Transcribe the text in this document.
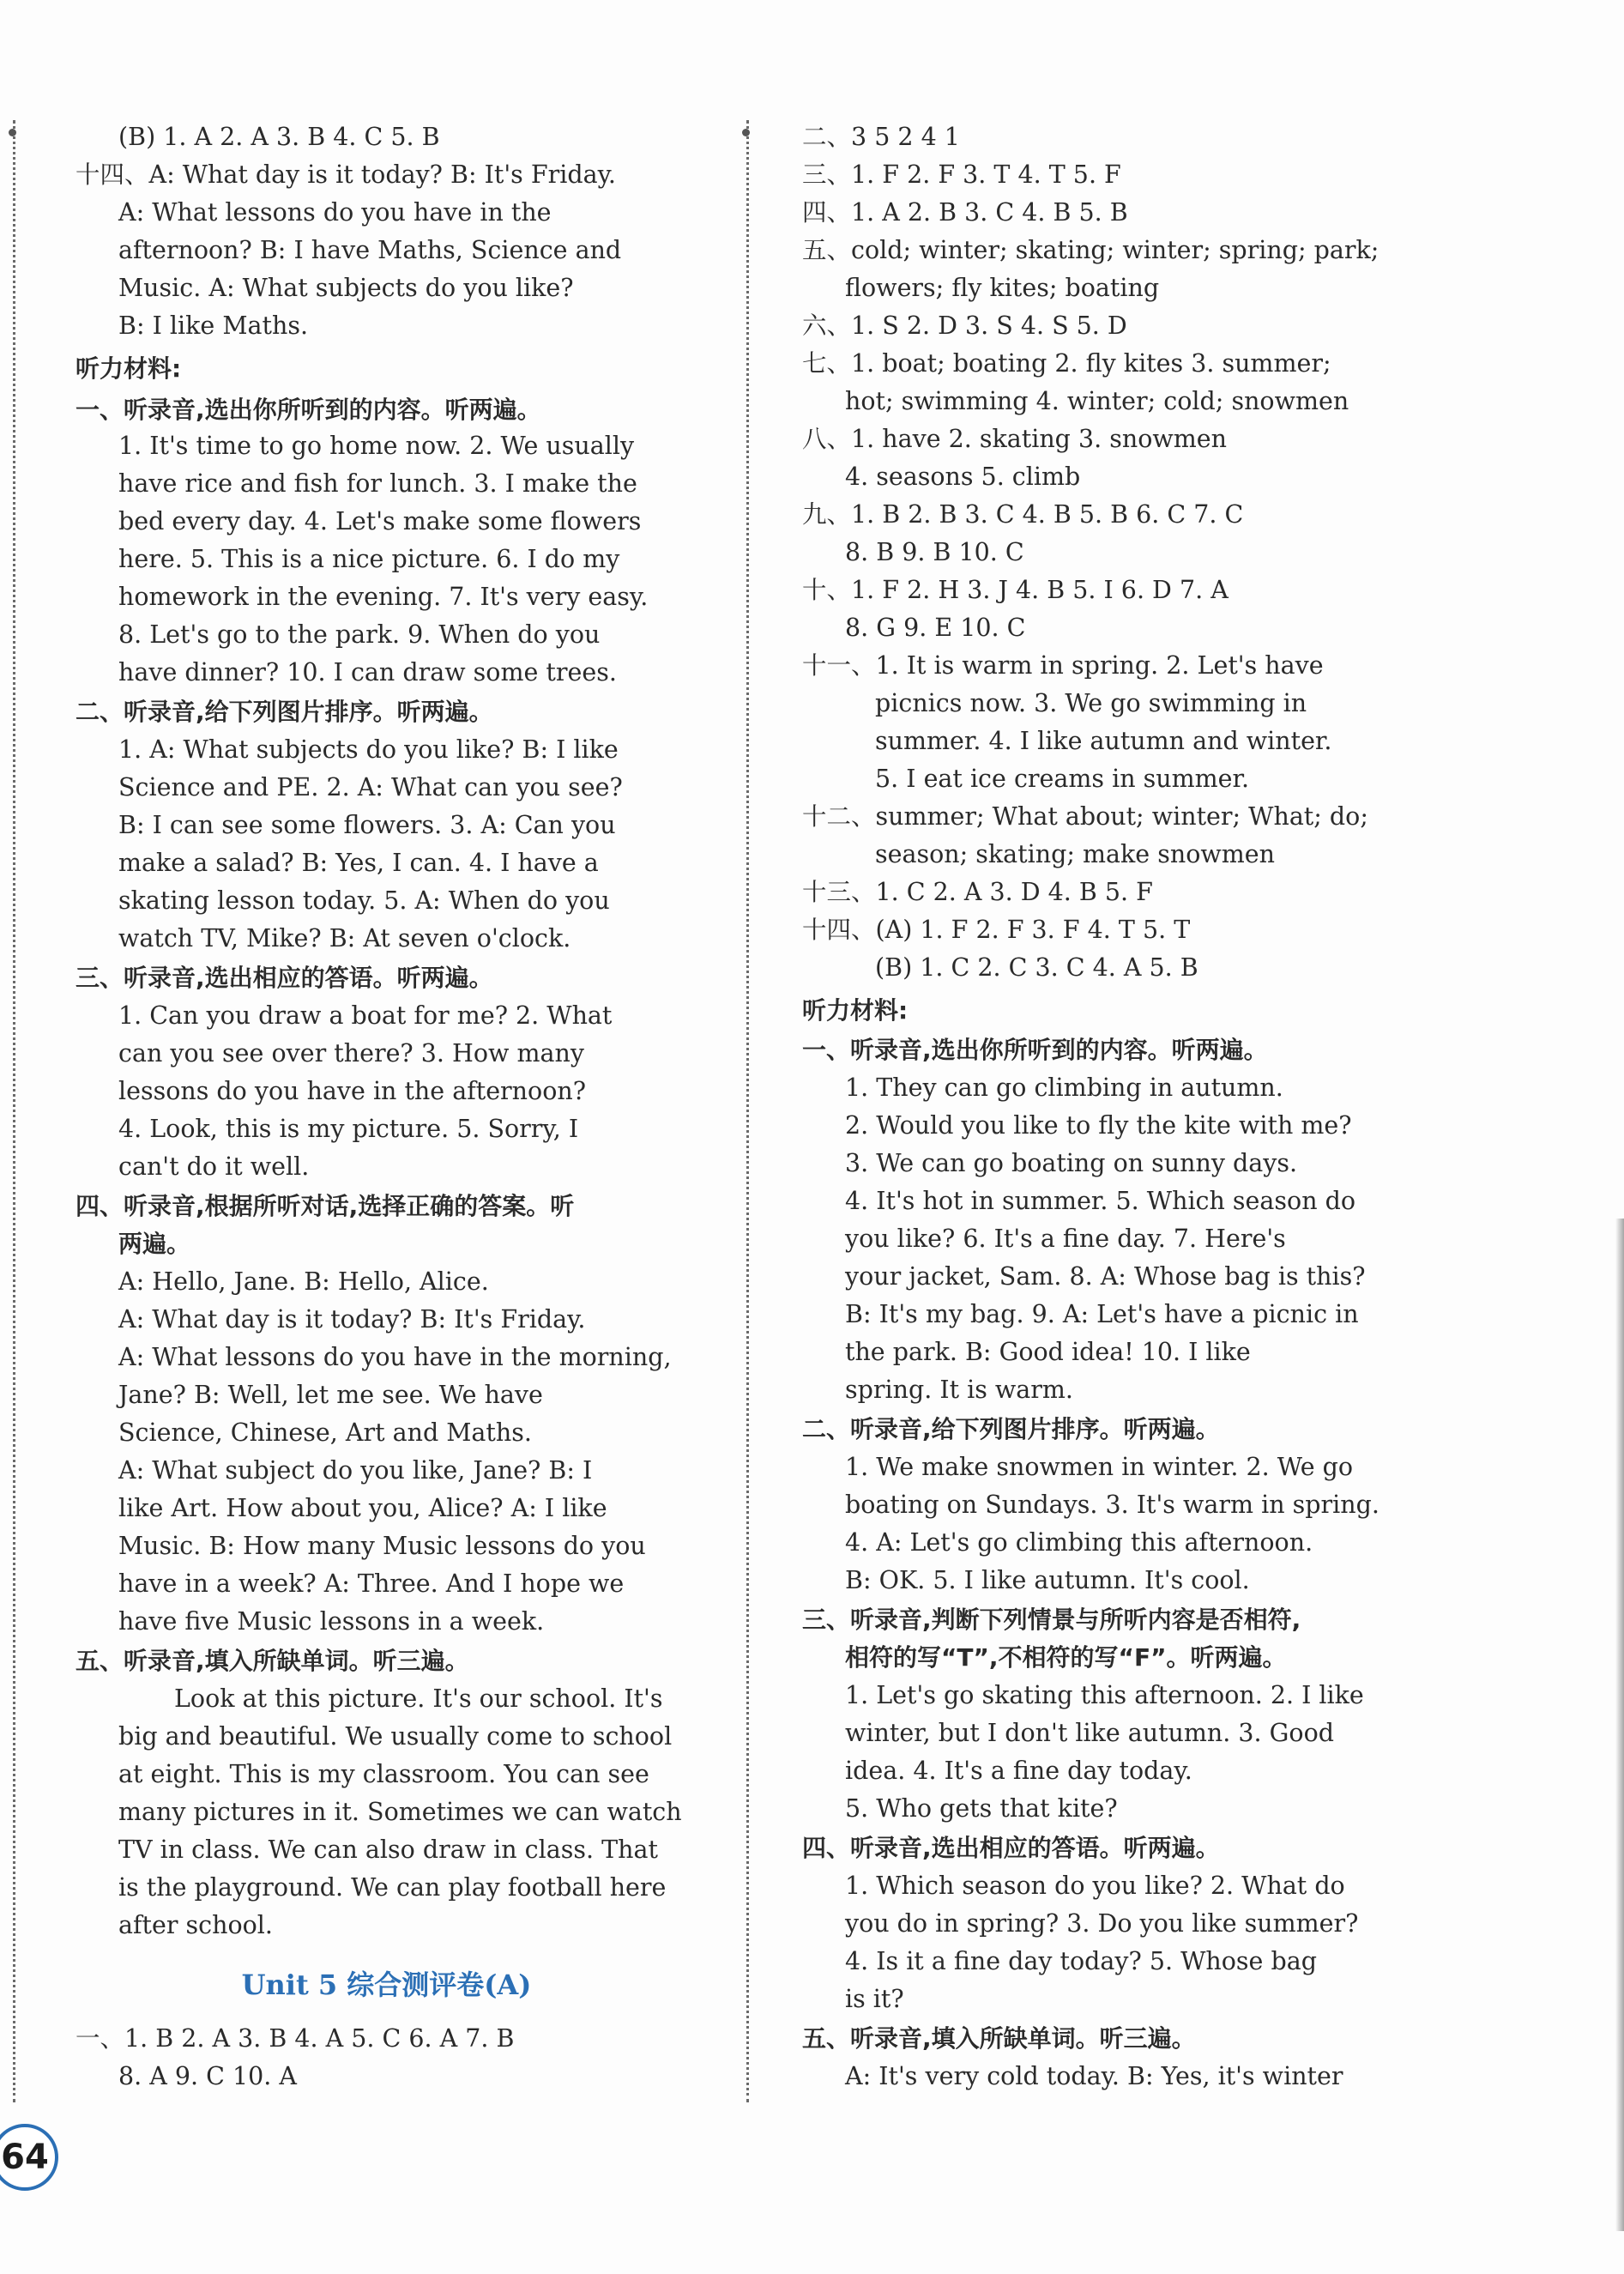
(B) 1. A 2. A 3. B 4. C 5. B
十四、A: What day is it today? B: It's Friday.
A: What lessons do you have in the
afternoon? B: I have Maths, Science and
Music. A: What subjects do you like?
B: I like Maths.
听力材料:
一、听录音,选出你所听到的内容。听两遍。
1. It's time to go home now. 2. We usually
have rice and fish for lunch. 3. I make the
bed every day. 4. Let's make some flowers
here. 5. This is a nice picture. 6. I do my
homework in the evening. 7. It's very easy.
8. Let's go to the park. 9. When do you
have dinner? 10. I can draw some trees.
二、听录音,给下列图片排序。听两遍。
1. A: What subjects do you like? B: I like
Science and PE. 2. A: What can you see?
B: I can see some flowers. 3. A: Can you
make a salad? B: Yes, I can. 4. I have a
skating lesson today. 5. A: When do you
watch TV, Mike? B: At seven o'clock.
三、听录音,选出相应的答语。听两遍。
1. Can you draw a boat for me? 2. What
can you see over there? 3. How many
lessons do you have in the afternoon?
4. Look, this is my picture. 5. Sorry, I
can't do it well.
四、听录音,根据所听对话,选择正确的答案。听
两遍。
A: Hello, Jane. B: Hello, Alice.
A: What day is it today? B: It's Friday.
A: What lessons do you have in the morning,
Jane? B: Well, let me see. We have
Science, Chinese, Art and Maths.
A: What subject do you like, Jane? B: I
like Art. How about you, Alice? A: I like
Music. B: How many Music lessons do you
have in a week? A: Three. And I hope we
have five Music lessons in a week.
五、听录音,填入所缺单词。听三遍。
Look at this picture. It's our school. It's
big and beautiful. We usually come to school
at eight. This is my classroom. You can see
many pictures in it. Sometimes we can watch
TV in class. We can also draw in class. That
is the playground. We can play football here
after school.
一、1. B 2. A 3. B 4. A 5. C 6. A 7. B
8. A 9. C 10. A
Unit 5 综合测评卷(A)
二、3 5 2 4 1
三、1. F 2. F 3. T 4. T 5. F
四、1. A 2. B 3. C 4. B 5. B
五、cold; winter; skating; winter; spring; park;
flowers; fly kites; boating
六、1. S 2. D 3. S 4. S 5. D
七、1. boat; boating 2. fly kites 3. summer;
hot; swimming 4. winter; cold; snowmen
八、1. have 2. skating 3. snowmen
4. seasons 5. climb
九、1. B 2. B 3. C 4. B 5. B 6. C 7. C
8. B 9. B 10. C
十、1. F 2. H 3. J 4. B 5. I 6. D 7. A
8. G 9. E 10. C
十一、1. It is warm in spring. 2. Let's have
picnics now. 3. We go swimming in
summer. 4. I like autumn and winter.
5. I eat ice creams in summer.
十二、summer; What about; winter; What; do;
season; skating; make snowmen
十三、1. C 2. A 3. D 4. B 5. F
十四、(A) 1. F 2. F 3. F 4. T 5. T
(B) 1. C 2. C 3. C 4. A 5. B
听力材料:
一、听录音,选出你所听到的内容。听两遍。
1. They can go climbing in autumn.
2. Would you like to fly the kite with me?
3. We can go boating on sunny days.
4. It's hot in summer. 5. Which season do
you like? 6. It's a fine day. 7. Here's
your jacket, Sam. 8. A: Whose bag is this?
B: It's my bag. 9. A: Let's have a picnic in
the park. B: Good idea! 10. I like
spring. It is warm.
二、听录音,给下列图片排序。听两遍。
1. We make snowmen in winter. 2. We go
boating on Sundays. 3. It's warm in spring.
4. A: Let's go climbing this afternoon.
B: OK. 5. I like autumn. It's cool.
三、听录音,判断下列情景与所听内容是否相符,
相符的写“T”,不相符的写“F”。听两遍。
1. Let's go skating this afternoon. 2. I like
winter, but I don't like autumn. 3. Good
idea. 4. It's a fine day today.
5. Who gets that kite?
四、听录音,选出相应的答语。听两遍。
1. Which season do you like? 2. What do
you do in spring? 3. Do you like summer?
4. Is it a fine day today? 5. Whose bag
is it?
五、听录音,填入所缺单词。听三遍。
A: It's very cold today. B: Yes, it's winter
64
